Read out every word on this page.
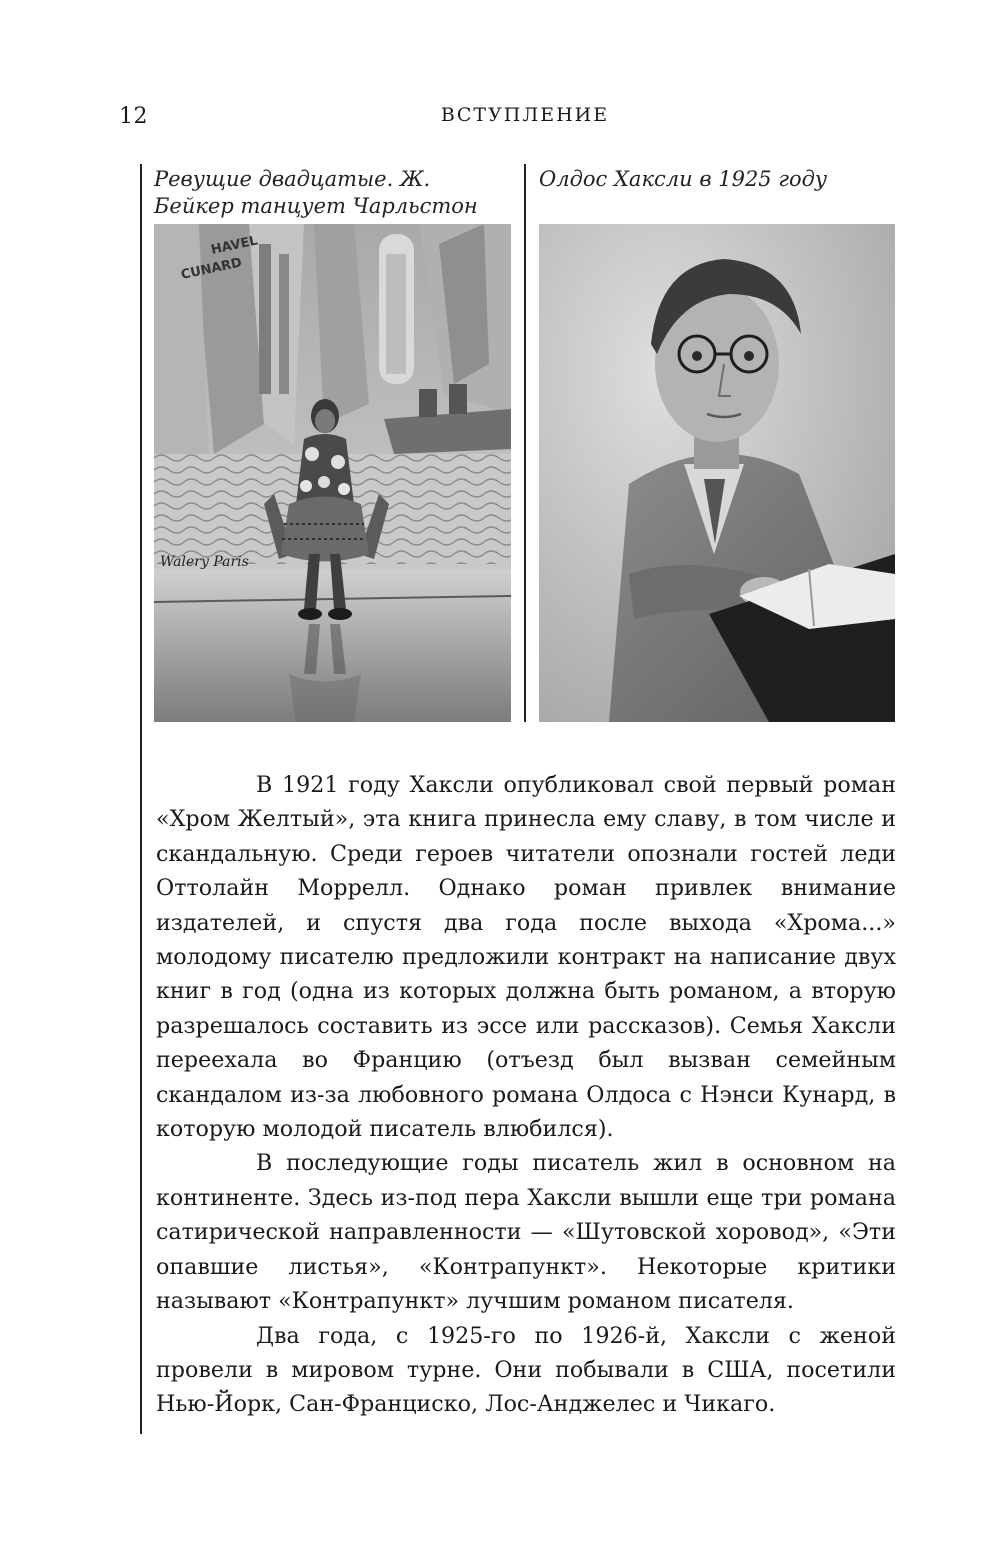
12	ВСТУПЛЕНИЕ
Ревущие двадцатые. Ж. Бейкер танцует Чарльстон
Олдос Хаксли в 1925 году
HAVEL
CUNARD
Walery Paris

В 1921 году Хаксли опубликовал свой первый роман «Хром Желтый», эта книга принесла ему славу, в том числе и скандальную. Среди героев читатели опознали гостей леди Оттолайн Моррелл. Однако роман привлек внимание издателей, и спустя два года после выхода «Хрома...» молодому писателю предложили контракт на написание двух книг в год (одна из которых должна быть романом, а вторую разрешалось составить из эссе или рассказов). Семья Хаксли переехала во Францию (отъезд был вызван семейным скандалом из-за любовного романа Олдоса с Нэнси Кунард, в которую молодой писатель влюбился).

В последующие годы писатель жил в основном на континенте. Здесь из-под пера Хаксли вышли еще три романа сатирической направленности — «Шутовской хоровод», «Эти опавшие листья», «Контрапункт». Некоторые критики называют «Контрапункт» лучшим романом писателя.

Два года, с 1925-го по 1926-й, Хаксли с женой провели в мировом турне. Они побывали в США, посетили Нью-Йорк, Сан-Франциско, Лос-Анджелес и Чикаго.
